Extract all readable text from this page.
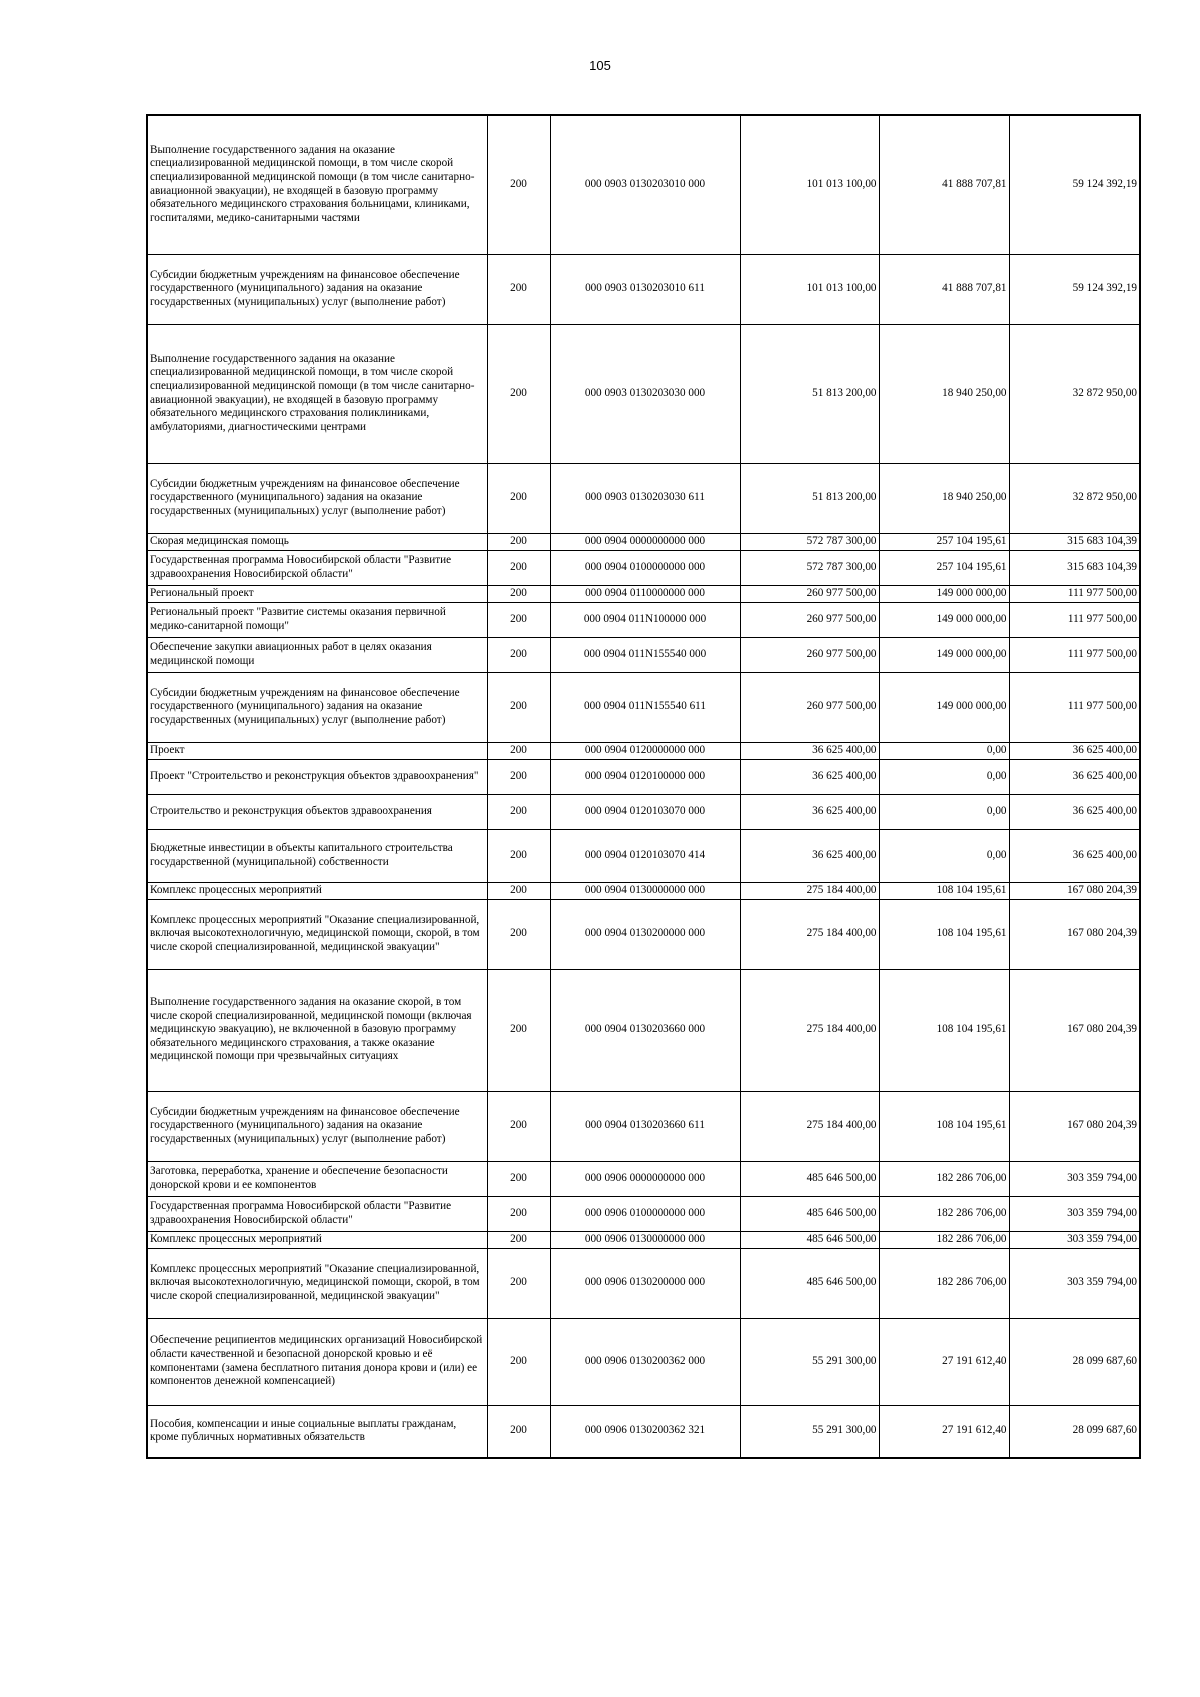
105
Выполнение государственного задания на оказание специализированной медицинской помощи, в том числе скорой специализированной медицинской помощи (в том числе санитарно-авиационной эвакуации), не входящей в базовую программу обязательного медицинского страхования больницами, клиниками, госпиталями, медико-санитарными частями	200	000 0903 0130203010 000	101 013 100,00	41 888 707,81	59 124 392,19
Субсидии бюджетным учреждениям на финансовое обеспечение государственного (муниципального) задания на оказание государственных (муниципальных) услуг (выполнение работ)	200	000 0903 0130203010 611	101 013 100,00	41 888 707,81	59 124 392,19
Выполнение государственного задания на оказание специализированной медицинской помощи, в том числе скорой специализированной медицинской помощи (в том числе санитарно-авиационной эвакуации), не входящей в базовую программу обязательного медицинского страхования поликлиниками, амбулаториями, диагностическими центрами	200	000 0903 0130203030 000	51 813 200,00	18 940 250,00	32 872 950,00
Субсидии бюджетным учреждениям на финансовое обеспечение государственного (муниципального) задания на оказание государственных (муниципальных) услуг (выполнение работ)	200	000 0903 0130203030 611	51 813 200,00	18 940 250,00	32 872 950,00
Скорая медицинская помощь	200	000 0904 0000000000 000	572 787 300,00	257 104 195,61	315 683 104,39
Государственная программа Новосибирской области "Развитие здравоохранения Новосибирской области"	200	000 0904 0100000000 000	572 787 300,00	257 104 195,61	315 683 104,39
Региональный проект	200	000 0904 0110000000 000	260 977 500,00	149 000 000,00	111 977 500,00
Региональный проект "Развитие системы оказания первичной медико-санитарной помощи"	200	000 0904 011N100000 000	260 977 500,00	149 000 000,00	111 977 500,00
Обеспечение закупки авиационных работ в целях оказания медицинской помощи	200	000 0904 011N155540 000	260 977 500,00	149 000 000,00	111 977 500,00
Субсидии бюджетным учреждениям на финансовое обеспечение государственного (муниципального) задания на оказание государственных (муниципальных) услуг (выполнение работ)	200	000 0904 011N155540 611	260 977 500,00	149 000 000,00	111 977 500,00
Проект	200	000 0904 0120000000 000	36 625 400,00	0,00	36 625 400,00
Проект "Строительство и реконструкция объектов здравоохранения"	200	000 0904 0120100000 000	36 625 400,00	0,00	36 625 400,00
Строительство и реконструкция объектов здравоохранения	200	000 0904 0120103070 000	36 625 400,00	0,00	36 625 400,00
Бюджетные инвестиции в объекты капитального строительства государственной (муниципальной) собственности	200	000 0904 0120103070 414	36 625 400,00	0,00	36 625 400,00
Комплекс процессных мероприятий	200	000 0904 0130000000 000	275 184 400,00	108 104 195,61	167 080 204,39
Комплекс процессных мероприятий "Оказание специализированной, включая высокотехнологичную, медицинской помощи, скорой, в том числе скорой специализированной, медицинской эвакуации"	200	000 0904 0130200000 000	275 184 400,00	108 104 195,61	167 080 204,39
Выполнение государственного задания на оказание скорой, в том числе скорой специализированной, медицинской помощи (включая медицинскую эвакуацию), не включенной в базовую программу обязательного медицинского страхования, а также оказание медицинской помощи при чрезвычайных ситуациях	200	000 0904 0130203660 000	275 184 400,00	108 104 195,61	167 080 204,39
Субсидии бюджетным учреждениям на финансовое обеспечение государственного (муниципального) задания на оказание государственных (муниципальных) услуг (выполнение работ)	200	000 0904 0130203660 611	275 184 400,00	108 104 195,61	167 080 204,39
Заготовка, переработка, хранение и обеспечение безопасности донорской крови и ее компонентов	200	000 0906 0000000000 000	485 646 500,00	182 286 706,00	303 359 794,00
Государственная программа Новосибирской области "Развитие здравоохранения Новосибирской области"	200	000 0906 0100000000 000	485 646 500,00	182 286 706,00	303 359 794,00
Комплекс процессных мероприятий	200	000 0906 0130000000 000	485 646 500,00	182 286 706,00	303 359 794,00
Комплекс процессных мероприятий "Оказание специализированной, включая высокотехнологичную, медицинской помощи, скорой, в том числе скорой специализированной, медицинской эвакуации"	200	000 0906 0130200000 000	485 646 500,00	182 286 706,00	303 359 794,00
Обеспечение реципиентов медицинских организаций Новосибирской области качественной и безопасной донорской кровью и её компонентами (замена бесплатного питания донора крови и (или) ее компонентов денежной компенсацией)	200	000 0906 0130200362 000	55 291 300,00	27 191 612,40	28 099 687,60
Пособия, компенсации и иные социальные выплаты гражданам, кроме публичных нормативных обязательств	200	000 0906 0130200362 321	55 291 300,00	27 191 612,40	28 099 687,60
